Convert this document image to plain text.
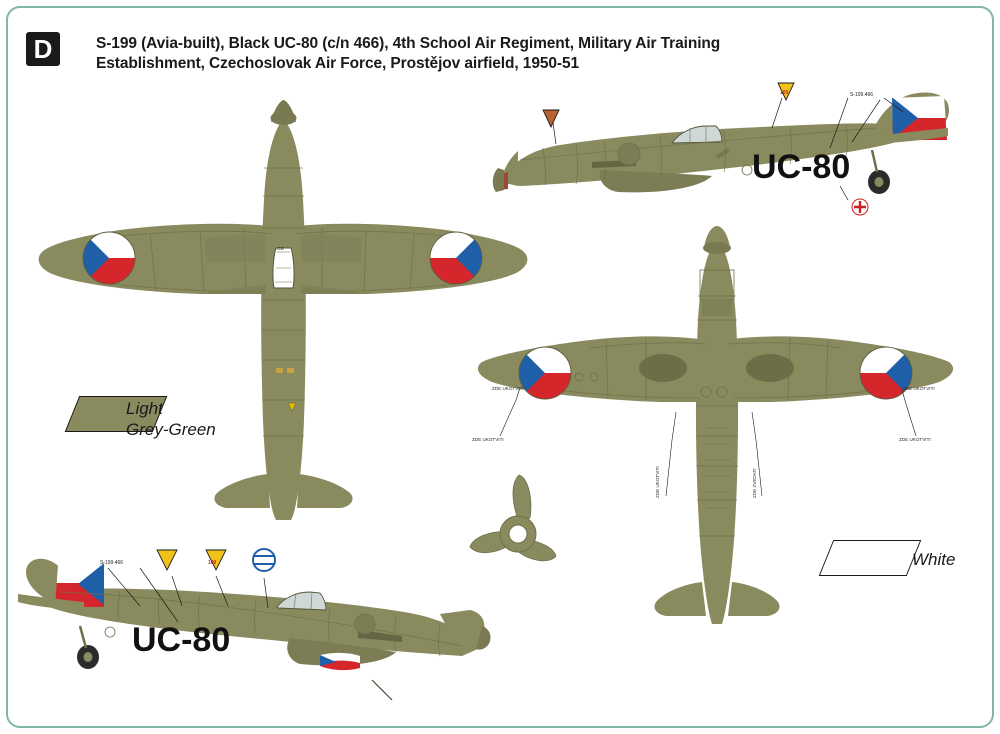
D	S-199 (Avia-built), Black UC-80 (c/n 466), 4th School Air Regiment, Military Air Training
Establishment, Czechoslovak Air Force, Prostějov airfield, 1950-51
OD
UC-80
S-199.466
100
ZDE UKOTVITI	ZDE UKOTVITI
ZDE UKOTVITI	ZDE ZVEDATI
ZDE UKOTVITI	ZDE UKOTVITI
UC-80
S-199.466	100
Light
Grey-Green
White
